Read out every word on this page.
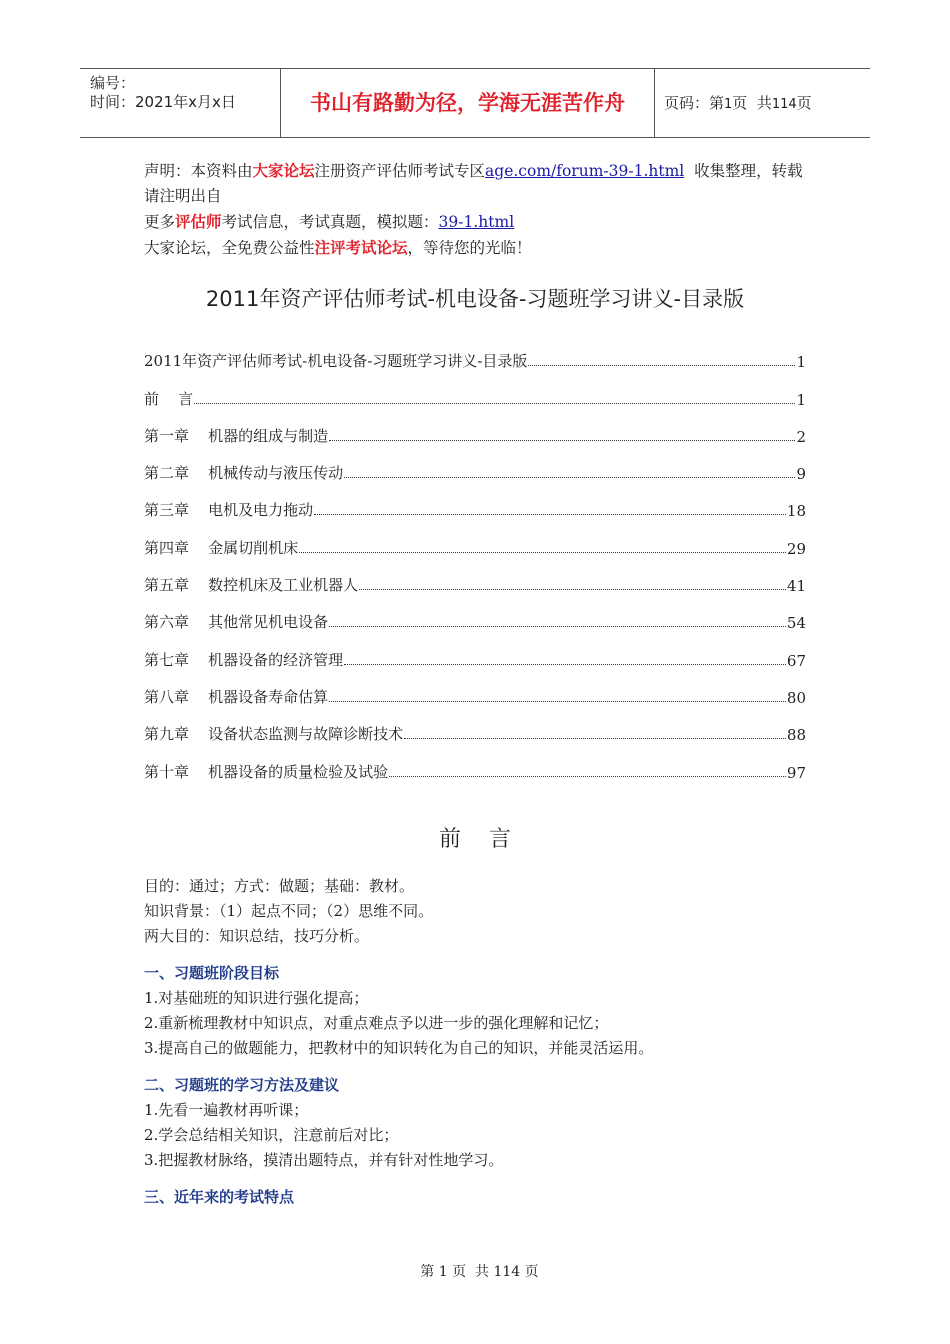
编号：
时间：2021年x月x日	书山有路勤为径，学海无涯苦作舟	页码：第1页  共114页
声明：本资料由大家论坛注册资产评估师考试专区age.com/forum-39-1.html  收集整理，转载请注明出自
更多评估师考试信息，考试真题，模拟题：39-1.html
大家论坛，全免费公益性注评考试论坛，等待您的光临！
2011年资产评估师考试-机电设备-习题班学习讲义-目录版
2011年资产评估师考试-机电设备-习题班学习讲义-目录版	1
前    言	1
第一章 机器的组成与制造	2
第二章 机械传动与液压传动	9
第三章 电机及电力拖动	18
第四章 金属切削机床	29
第五章 数控机床及工业机器人	41
第六章 其他常见机电设备	54
第七章 机器设备的经济管理	67
第八章 机器设备寿命估算	80
第九章 设备状态监测与故障诊断技术	88
第十章 机器设备的质量检验及试验	97
前    言

目的：通过；方式：做题；基础：教材。

知识背景：（1）起点不同；（2）思维不同。

两大目的：知识总结，技巧分析。

一、习题班阶段目标

1.对基础班的知识进行强化提高；

2.重新梳理教材中知识点，对重点难点予以进一步的强化理解和记忆；

3.提高自己的做题能力，把教材中的知识转化为自己的知识，并能灵活运用。

二、习题班的学习方法及建议

1.先看一遍教材再听课；

2.学会总结相关知识，注意前后对比；

3.把握教材脉络，摸清出题特点，并有针对性地学习。

三、近年来的考试特点

第 1 页  共 114 页
